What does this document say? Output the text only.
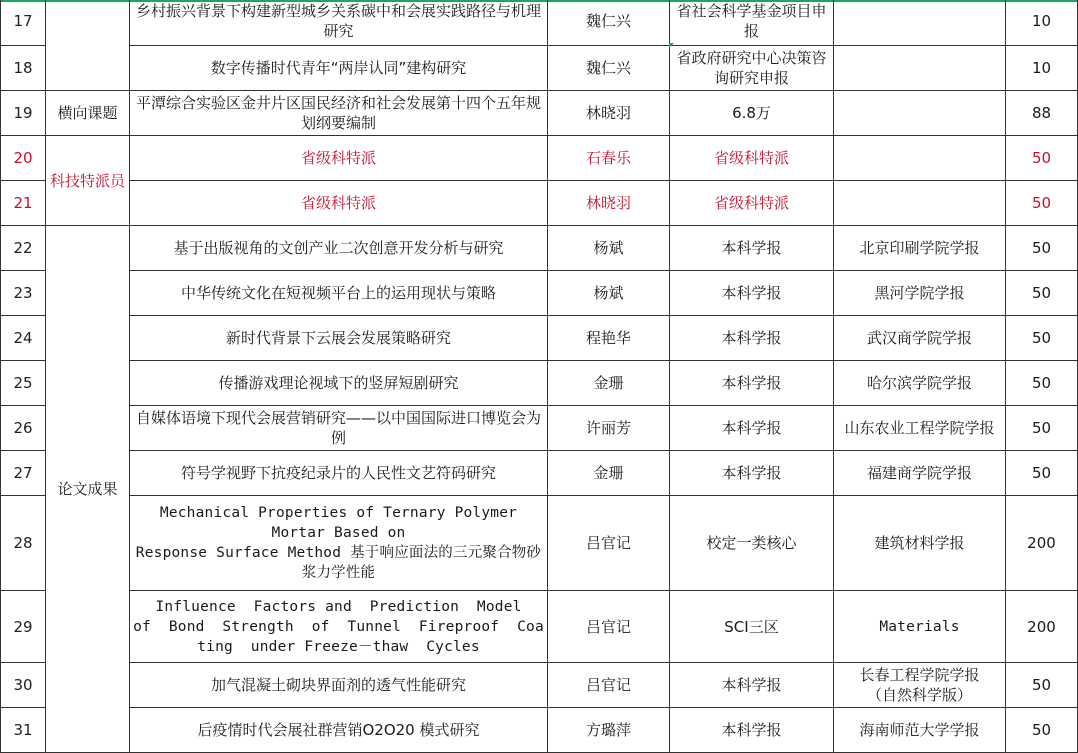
17		乡村振兴背景下构建新型城乡关系碳中和会展实践路径与机理研究	魏仁兴	省社会科学基金项目申报		10
18		数字传播时代青年“两岸认同”建构研究	魏仁兴	省政府研究中心决策咨询研究申报		10
19	横向课题	平潭综合实验区金井片区国民经济和社会发展第十四个五年规划纲要编制	林晓羽	6.8万		88
20	科技特派员	省级科特派	石春乐	省级科特派		50
21		省级科特派	林晓羽	省级科特派		50
22	论文成果	基于出版视角的文创产业二次创意开发分析与研究	杨斌	本科学报	北京印刷学院学报	50
23		中华传统文化在短视频平台上的运用现状与策略	杨斌	本科学报	黑河学院学报	50
24		新时代背景下云展会发展策略研究	程艳华	本科学报	武汉商学院学报	50
25		传播游戏理论视域下的竖屏短剧研究	金珊	本科学报	哈尔滨学院学报	50
26		自媒体语境下现代会展营销研究——以中国国际进口博览会为例	许丽芳	本科学报	山东农业工程学院学报	50
27		符号学视野下抗疫纪录片的人民性文艺符码研究	金珊	本科学报	福建商学院学报	50
28		Mechanical Properties of Ternary Polymer
Mortar Based on
Response Surface Method 基于响应面法的三元聚合物砂浆力学性能	吕官记	校定一类核心	建筑材料学报	200
29		Influence  Factors and  Prediction  Model
of  Bond  Strength  of  Tunnel  Fireproof  Coa
ting  under Freeze－thaw  Cycles	吕官记	SCI三区	Materials	200
30		加气混凝土砌块界面剂的透气性能研究	吕官记	本科学报	长春工程学院学报
（自然科学版）	50
31		后疫情时代会展社群营销O2O20 模式研究	方璐萍	本科学报	海南师范大学学报	50
